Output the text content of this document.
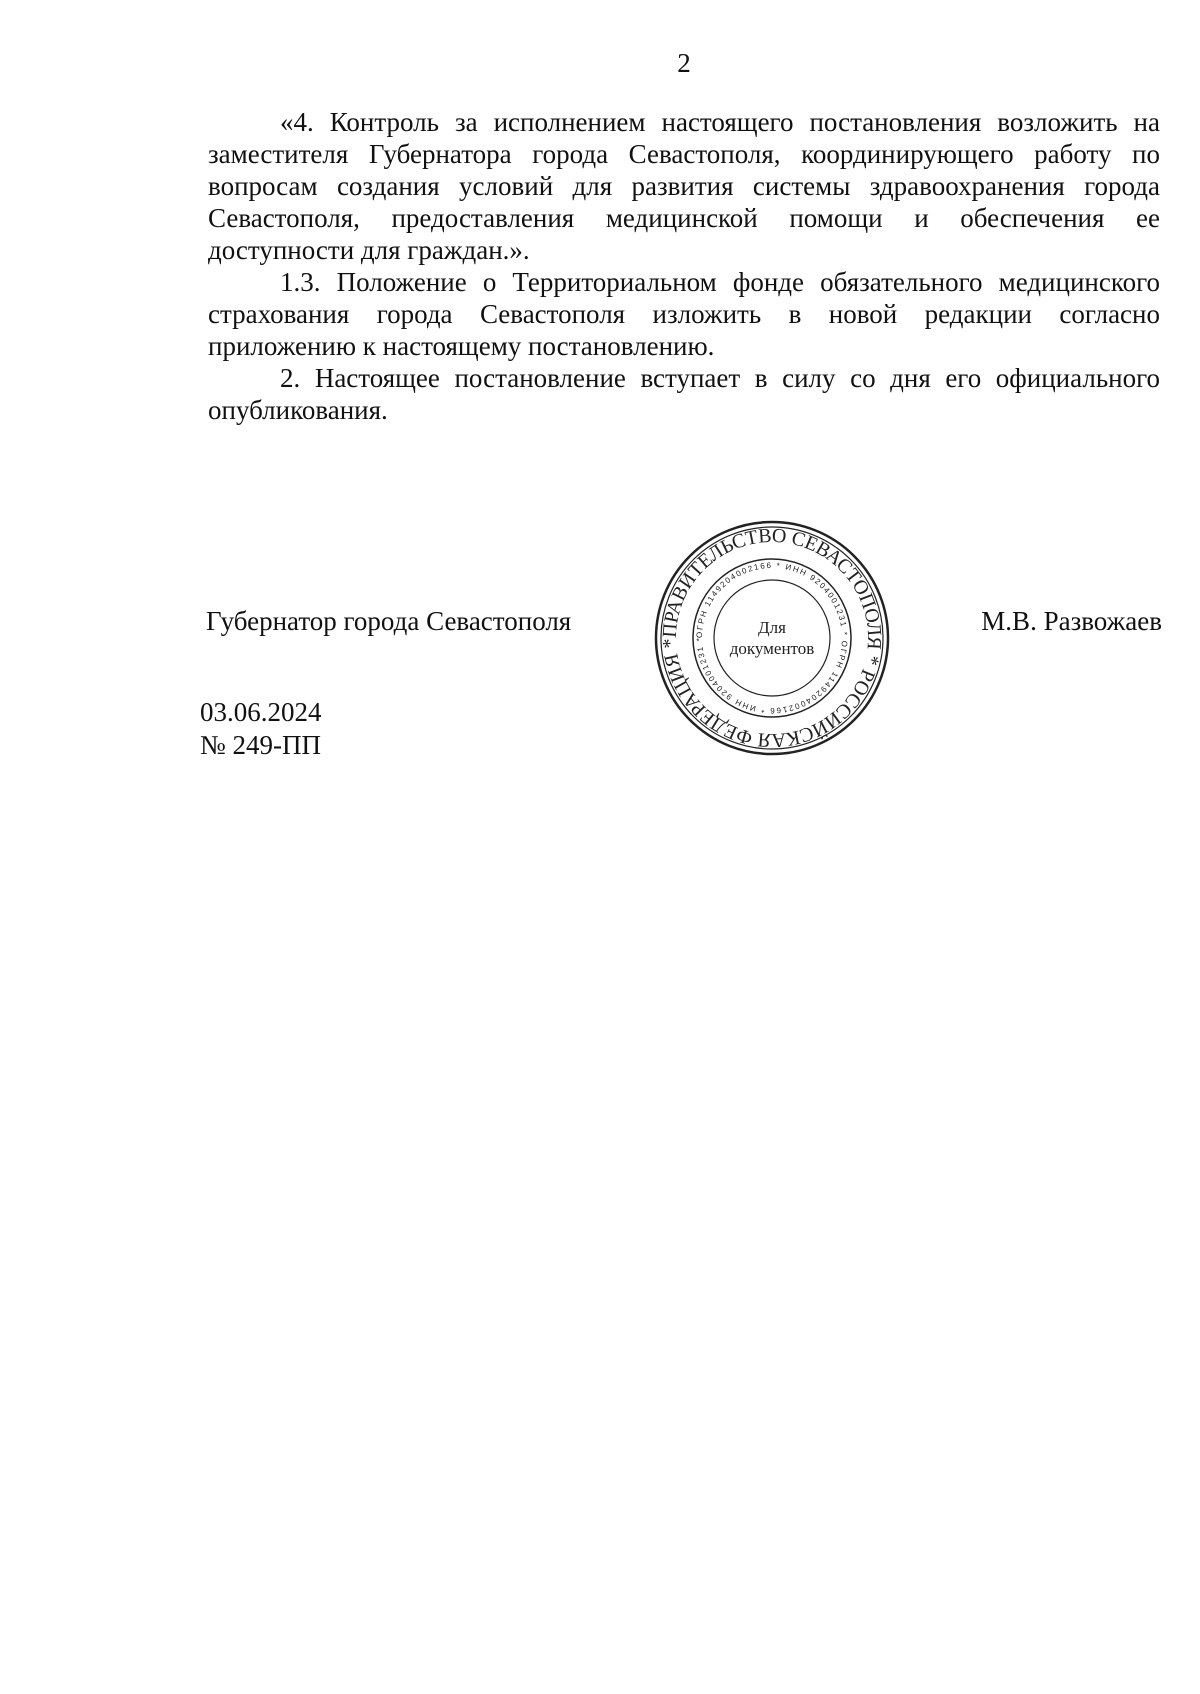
2

«4. Контроль за исполнением настоящего постановления возложить на заместителя Губернатора города Севастополя, координирующего работу по вопросам создания условий для развития системы здравоохранения города Севастополя, предоставления медицинской помощи и обеспечения ее доступности для граждан.».

1.3. Положение о Территориальном фонде обязательного медицинского страхования города Севастополя изложить в новой редакции согласно приложению к настоящему постановлению.

2. Настоящее постановление вступает в силу со дня его официального опубликования.

Губернатор города Севастополя	М.В. Развожаев
ПРАВИТЕЛЬСТВО СЕВАСТОПОЛЯ * РОССИЙСКАЯ ФЕДЕРАЦИЯ *
ОГРН 1149204002166 * ИНН 9204001231 * ОГРН 1149204002166 * ИНН 9204001231 *
Для
документов
03.06.2024
№ 249-ПП
